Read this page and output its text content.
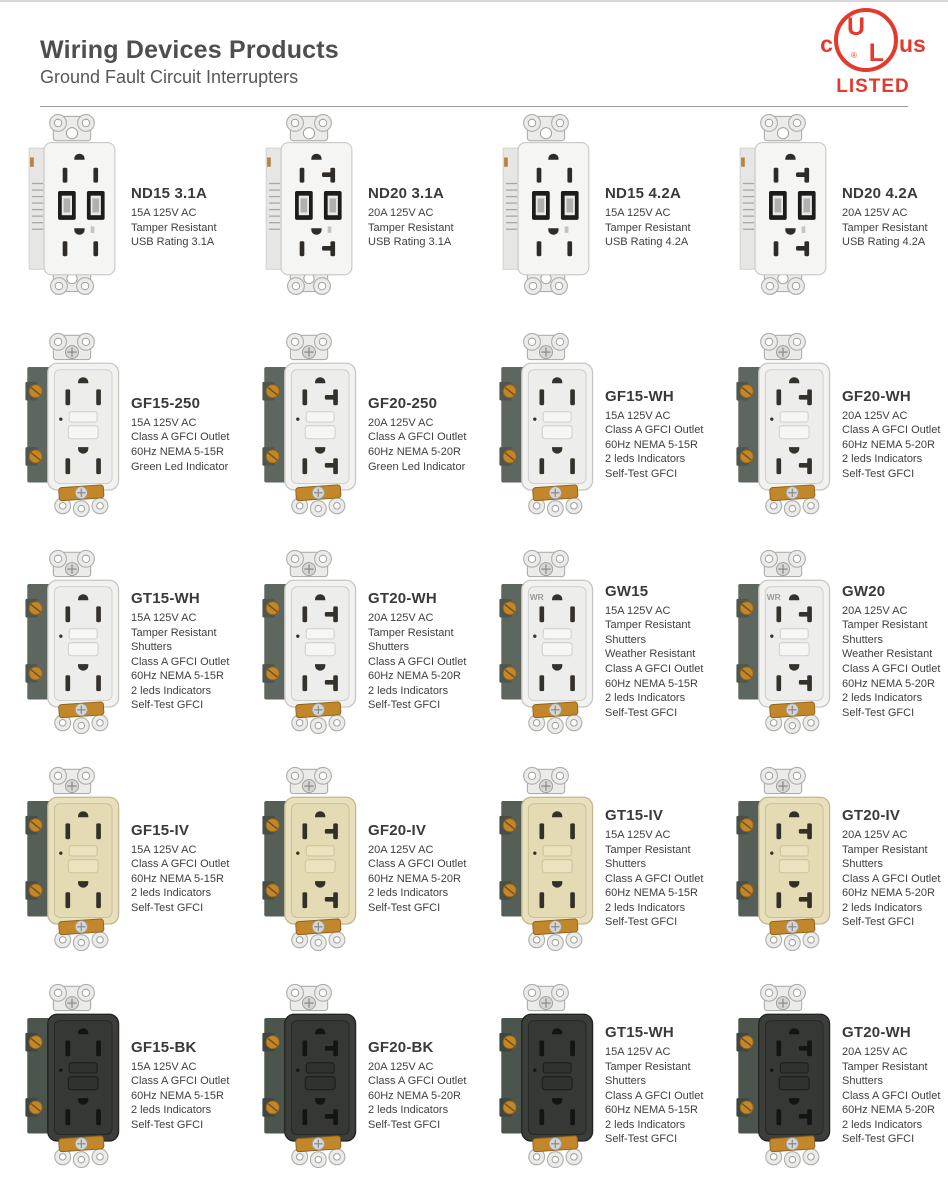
Wiring Devices Products
Ground Fault Circuit Interrupters
c
U
L
® us
LISTED
ND15 3.1A
15A 125V AC
Tamper Resistant
USB Rating 3.1A
ND20 3.1A
20A 125V AC
Tamper Resistant
USB Rating 3.1A
ND15 4.2A
15A 125V AC
Tamper Resistant
USB Rating 4.2A
ND20 4.2A
20A 125V AC
Tamper Resistant
USB Rating 4.2A
GF15-250
15A 125V AC
Class A GFCI Outlet
60Hz NEMA 5-15R
Green Led Indicator
GF20-250
20A 125V AC
Class A GFCI Outlet
60Hz NEMA 5-20R
Green Led Indicator
GF15-WH
15A 125V AC
Class A GFCI Outlet
60Hz NEMA 5-15R
2 leds Indicators
Self-Test GFCI
GF20-WH
20A 125V AC
Class A GFCI Outlet
60Hz NEMA 5-20R
2 leds Indicators
Self-Test GFCI
GT15-WH
15A 125V AC
Tamper Resistant Shutters
Class A GFCI Outlet
60Hz NEMA 5-15R
2 leds Indicators
Self-Test GFCI
GT20-WH
20A 125V AC
Tamper Resistant Shutters
Class A GFCI Outlet
60Hz NEMA 5-20R
2 leds Indicators
Self-Test GFCI
WR	GW15
15A 125V AC
Tamper Resistant Shutters
Weather Resistant
Class A GFCI Outlet
60Hz NEMA 5-15R
2 leds Indicators
Self-Test GFCI
WR	GW20
20A 125V AC
Tamper Resistant Shutters
Weather Resistant
Class A GFCI Outlet
60Hz NEMA 5-20R
2 leds Indicators
Self-Test GFCI
GF15-IV
15A 125V AC
Class A GFCI Outlet
60Hz NEMA 5-15R
2 leds Indicators
Self-Test GFCI
GF20-IV
20A 125V AC
Class A GFCI Outlet
60Hz NEMA 5-20R
2 leds Indicators
Self-Test GFCI
GT15-IV
15A 125V AC
Tamper Resistant Shutters
Class A GFCI Outlet
60Hz NEMA 5-15R
2 leds Indicators
Self-Test GFCI
GT20-IV
20A 125V AC
Tamper Resistant Shutters
Class A GFCI Outlet
60Hz NEMA 5-20R
2 leds Indicators
Self-Test GFCI
GF15-BK
15A 125V AC
Class A GFCI Outlet
60Hz NEMA 5-15R
2 leds Indicators
Self-Test GFCI
GF20-BK
20A 125V AC
Class A GFCI Outlet
60Hz NEMA 5-20R
2 leds Indicators
Self-Test GFCI
GT15-WH
15A 125V AC
Tamper Resistant Shutters
Class A GFCI Outlet
60Hz NEMA 5-15R
2 leds Indicators
Self-Test GFCI
GT20-WH
20A 125V AC
Tamper Resistant Shutters
Class A GFCI Outlet
60Hz NEMA 5-20R
2 leds Indicators
Self-Test GFCI
